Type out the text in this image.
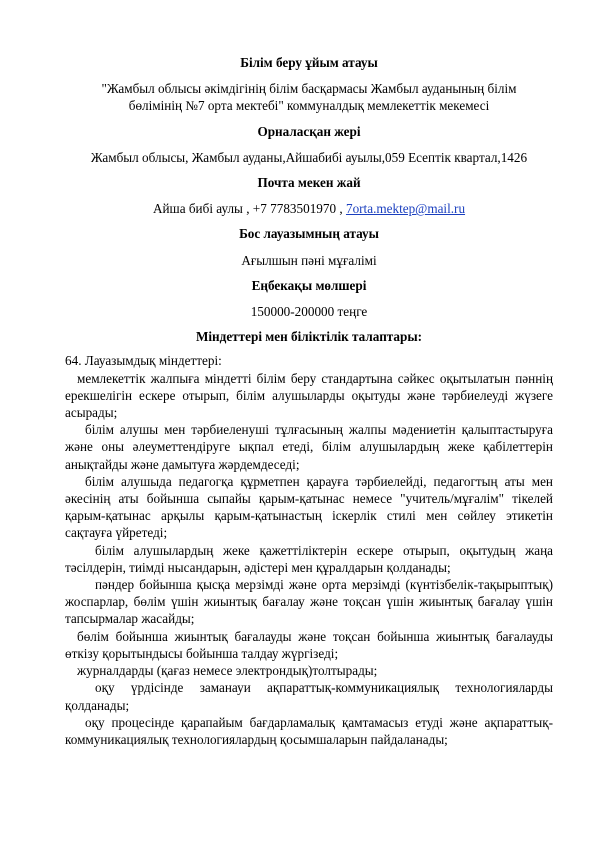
Білім беру ұйым атауы
"Жамбыл облысы әкімдігінің білім басқармасы Жамбыл ауданының білім бөлімінің №7 орта мектебі" коммуналдық мемлекеттік мекемесі
Орналасқан жері
Жамбыл облысы, Жамбыл ауданы,Айшабибі ауылы,059 Есептік квартал,1426
Почта мекен жай
Айша бибі аулы , +7 7783501970 , 7orta.mektep@mail.ru
Бос лауазымның атауы
Ағылшын пәні мұғалімі
Еңбекақы мөлшері
150000-200000 теңге
Міндеттері мен біліктілік талаптары:

64. Лауазымдық міндеттері:

мемлекеттік жалпыға міндетті білім беру стандартына сәйкес оқытылатын пәннің ерекшелігін ескере отырып, білім алушыларды оқытуды және тәрбиелеуді жүзеге асырады;

білім алушы мен тәрбиеленуші тұлғасының жалпы мәдениетін қалыптастыруға және оны әлеуметтендіруге ықпал етеді, білім алушылардың жеке қабілеттерін анықтайды және дамытуға жәрдемдеседі;

білім алушыда педагогқа құрметпен қарауға тәрбиелейді, педагогтың аты мен әкесінің аты бойынша сыпайы қарым-қатынас немесе "учитель/мұғалім" тікелей қарым-қатынас арқылы қарым-қатынастың іскерлік стилі мен сөйлеу этикетін сақтауға үйретеді;

білім алушылардың жеке қажеттіліктерін ескере отырып, оқытудың жаңа тәсілдерін, тиімді нысандарын, әдістері мен құралдарын қолданады;

пәндер бойынша қысқа мерзімді және орта мерзімді (күнтізбелік-тақырыптық) жоспарлар, бөлім үшін жиынтық бағалау және тоқсан үшін жиынтық бағалау үшін тапсырмалар жасайды;

бөлім бойынша жиынтық бағалауды және тоқсан бойынша жиынтық бағалауды өткізу қорытындысы бойынша талдау жүргізеді;

журналдарды (қағаз немесе электрондық)толтырады;

оқу үрдісінде заманауи ақпараттық-коммуникациялық технологияларды қолданады;

оқу процесінде қарапайым бағдарламалық қамтамасыз етуді және ақпараттық-коммуникациялық технологиялардың қосымшаларын пайдаланады;
